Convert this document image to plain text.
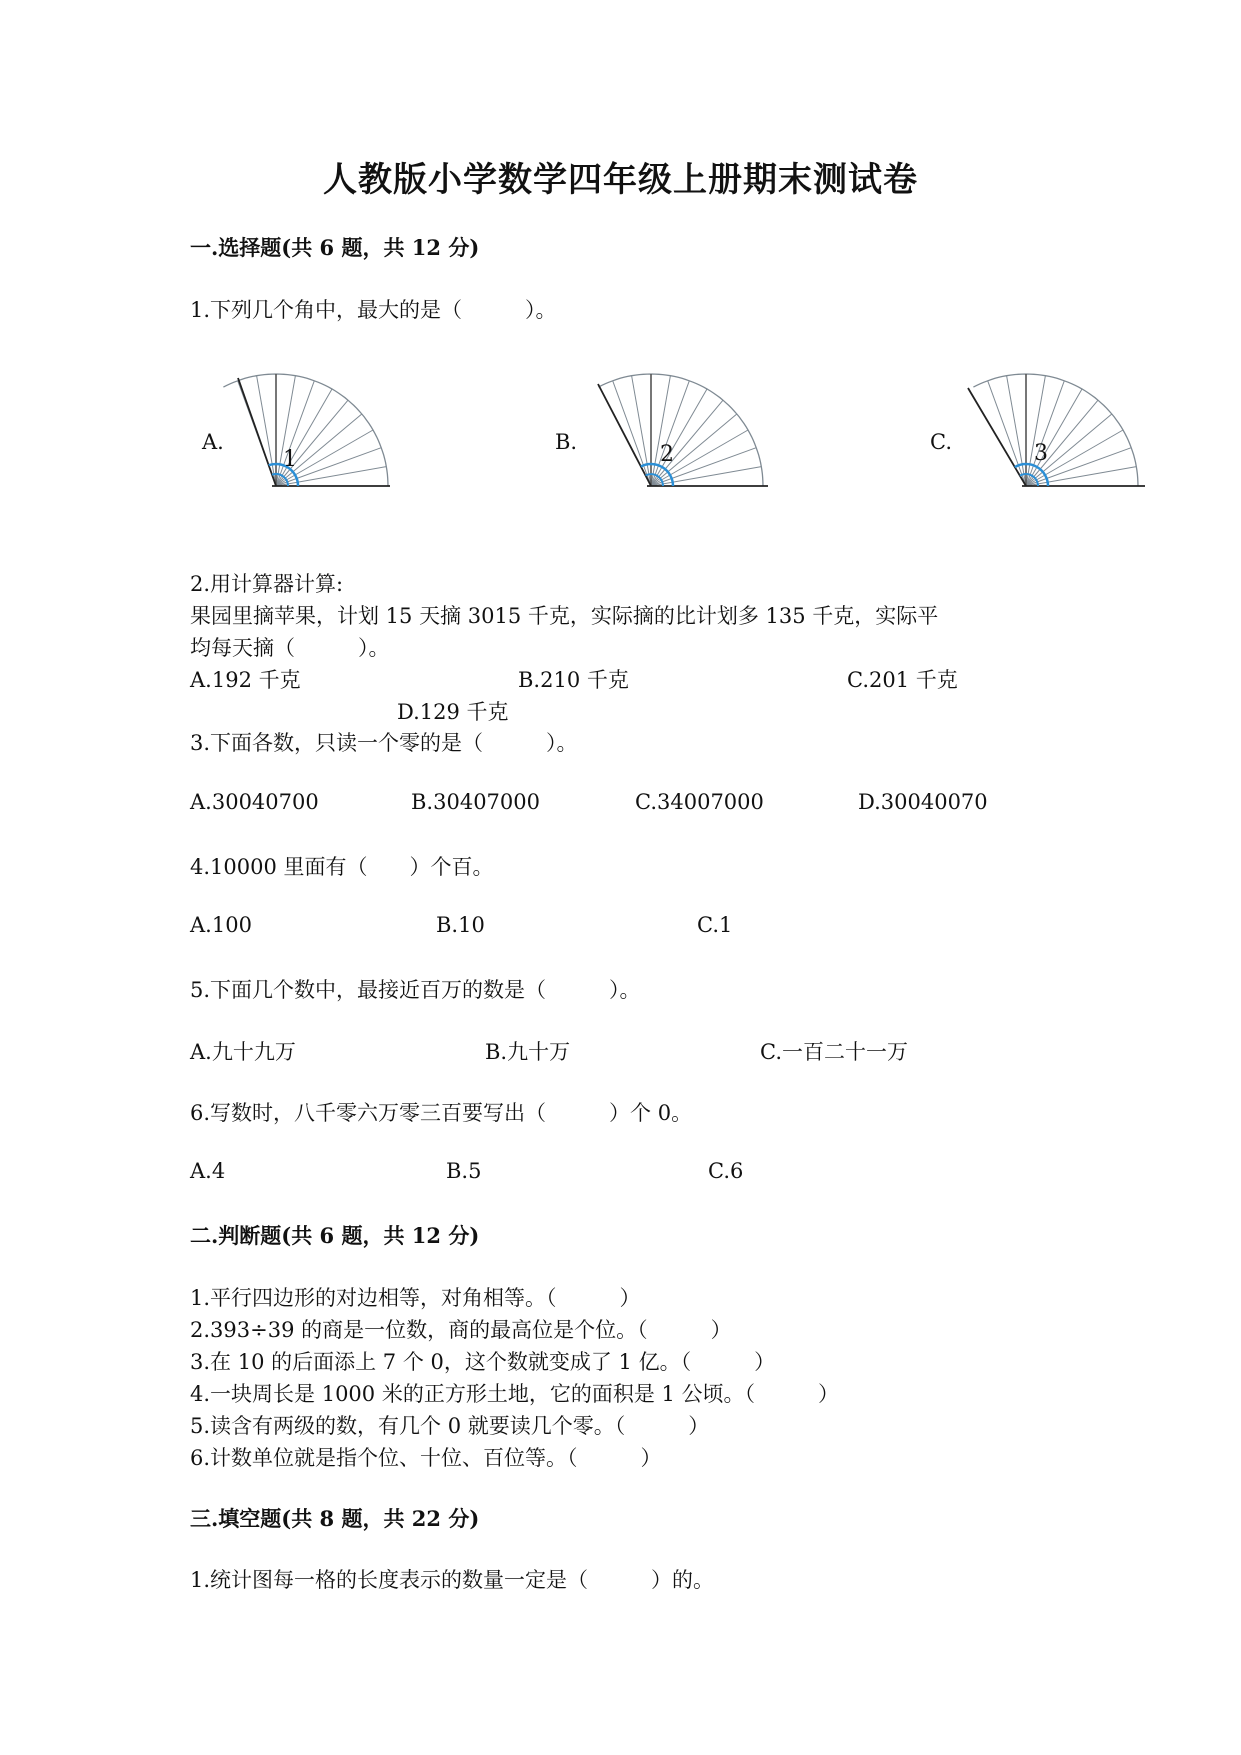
人教版小学数学四年级上册期末测试卷
一.选择题(共 6 题，共 12 分)
1.下列几个角中，最大的是（　　　）。
A.	B.	C.
1	2	3
2.用计算器计算:
果园里摘苹果，计划 15 天摘 3015 千克，实际摘的比计划多 135 千克，实际平
均每天摘（　　　）。
A.192 千克	B.210 千克	C.201 千克
D.129 千克
3.下面各数，只读一个零的是（　　　）。
A.30040700	B.30407000	C.34007000	D.30040070
4.10000 里面有（　　）个百。
A.100	B.10	C.1
5.下面几个数中，最接近百万的数是（　　　）。
A.九十九万	B.九十万	C.一百二十一万
6.写数时，八千零六万零三百要写出（　　　）个 0。
A.4	B.5	C.6
二.判断题(共 6 题，共 12 分)
1.平行四边形的对边相等，对角相等。（　　　）
2.393÷39 的商是一位数，商的最高位是个位。（　　　）
3.在 10 的后面添上 7 个 0，这个数就变成了 1 亿。（　　　）
4.一块周长是 1000 米的正方形土地，它的面积是 1 公顷。（　　　）
5.读含有两级的数，有几个 0 就要读几个零。（　　　）
6.计数单位就是指个位、十位、百位等。（　　　）
三.填空题(共 8 题，共 22 分)
1.统计图每一格的长度表示的数量一定是（　　　）的。
